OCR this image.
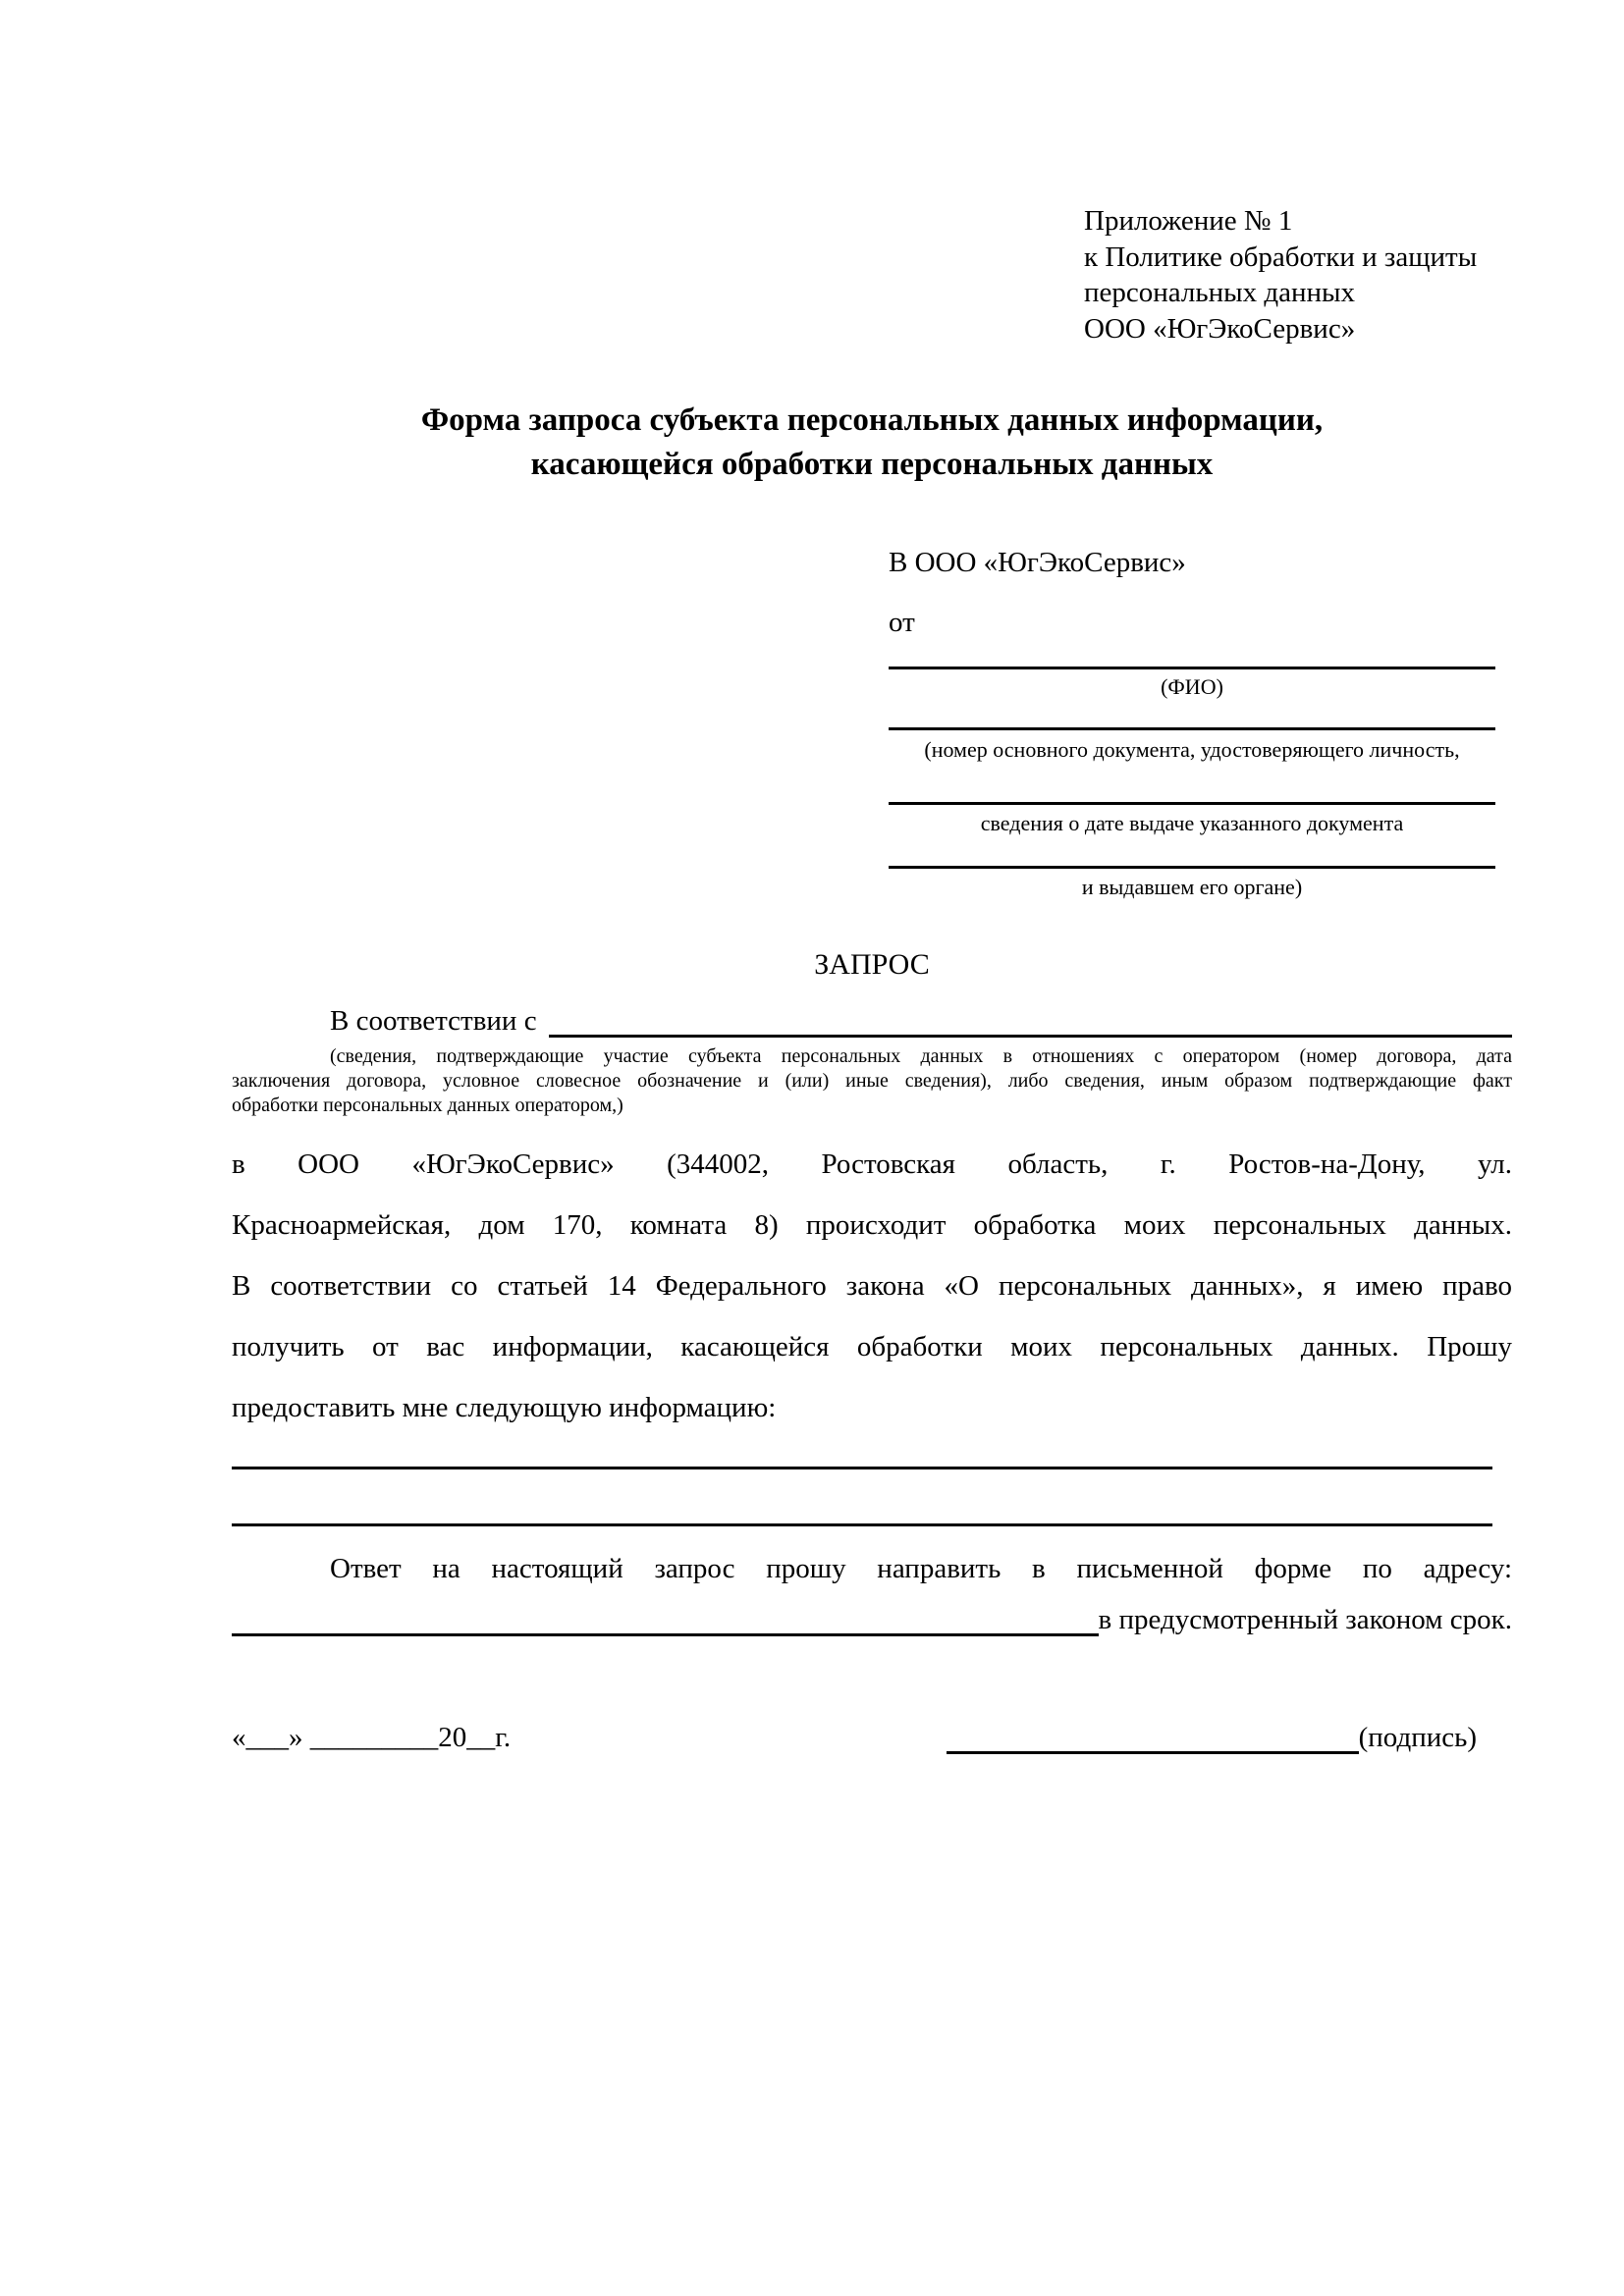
Приложение № 1
к Политике обработки и защиты
персональных данных
ООО «ЮгЭкоСервис»
Форма запроса субъекта персональных данных информации,
касающейся обработки персональных данных
В ООО «ЮгЭкоСервис»
от
(ФИО)
(номер основного документа, удостоверяющего личность,
сведения о дате выдаче указанного документа
и выдавшем его органе)
ЗАПРОС
В соответствии с
(сведения, подтверждающие участие субъекта персональных данных в отношениях с оператором (номер договора, дата
заключения договора, условное словесное обозначение и (или) иные сведения), либо сведения, иным образом подтверждающие факт
обработки персональных данных оператором,)
в ООО «ЮгЭкоСервис» (344002, Ростовская область, г. Ростов-на-Дону, ул.
Красноармейская, дом 170, комната 8) происходит обработка моих персональных данных.
В соответствии со статьей 14 Федерального закона «О персональных данных», я имею право
получить от вас информации, касающейся обработки моих персональных данных. Прошу
предоставить мне следующую информацию:
Ответ на настоящий запрос прошу направить в письменной форме по адресу:
в предусмотренный законом срок.
«___» _________20__г.	(подпись)
